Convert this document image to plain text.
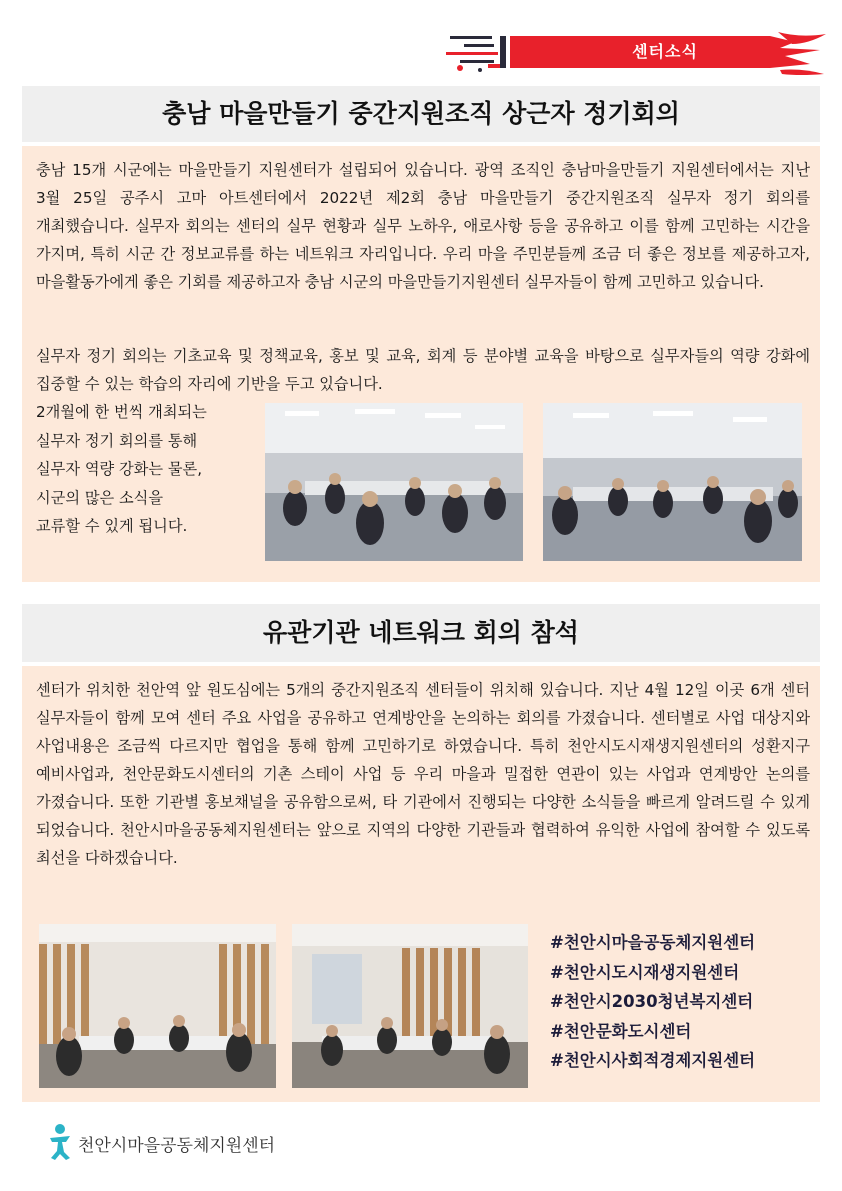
센터소식
충남 마을만들기 중간지원조직 상근자 정기회의

충남 15개 시군에는 마을만들기 지원센터가 설립되어 있습니다. 광역 조직인 충남마을만들기 지원센터에서는 지난 3월 25일 공주시 고마 아트센터에서 2022년 제2회 충남 마을만들기 중간지원조직 실무자 정기 회의를 개최했습니다. 실무자 회의는 센터의 실무 현황과 실무 노하우, 애로사항 등을 공유하고 이를 함께 고민하는 시간을 가지며, 특히 시군 간 정보교류를 하는 네트워크 자리입니다. 우리 마을 주민분들께 조금 더 좋은 정보를 제공하고자, 마을활동가에게 좋은 기회를 제공하고자 충남 시군의 마을만들기지원센터 실무자들이 함께 고민하고 있습니다.

실무자 정기 회의는 기초교육 및 정책교육, 홍보 및 교육, 회계 등 분야별 교육을 바탕으로 실무자들의 역량 강화에 집중할 수 있는 학습의 자리에 기반을 두고 있습니다.

2개월에 한 번씩 개최되는
실무자 정기 회의를 통해
실무자 역량 강화는 물론,
시군의 많은 소식을
교류할 수 있게 됩니다.

유관기관 네트워크 회의 참석

센터가 위치한 천안역 앞 원도심에는 5개의 중간지원조직 센터들이 위치해 있습니다. 지난 4월 12일 이곳 6개 센터 실무자들이 함께 모여 센터 주요 사업을 공유하고 연계방안을 논의하는 회의를 가졌습니다. 센터별로 사업 대상지와 사업내용은 조금씩 다르지만 협업을 통해 함께 고민하기로 하였습니다. 특히 천안시도시재생지원센터의 성환지구 예비사업과, 천안문화도시센터의 기촌 스테이 사업 등 우리 마을과 밀접한 연관이 있는 사업과 연계방안 논의를 가졌습니다. 또한 기관별 홍보채널을 공유함으로써, 타 기관에서 진행되는 다양한 소식들을 빠르게 알려드릴 수 있게 되었습니다. 천안시마을공동체지원센터는 앞으로 지역의 다양한 기관들과 협력하여 유익한 사업에 참여할 수 있도록 최선을 다하겠습니다.

#천안시마을공동체지원센터
#천안시도시재생지원센터
#천안시2030청년복지센터
#천안문화도시센터
#천안시사회적경제지원센터
천안시마을공동체지원센터
